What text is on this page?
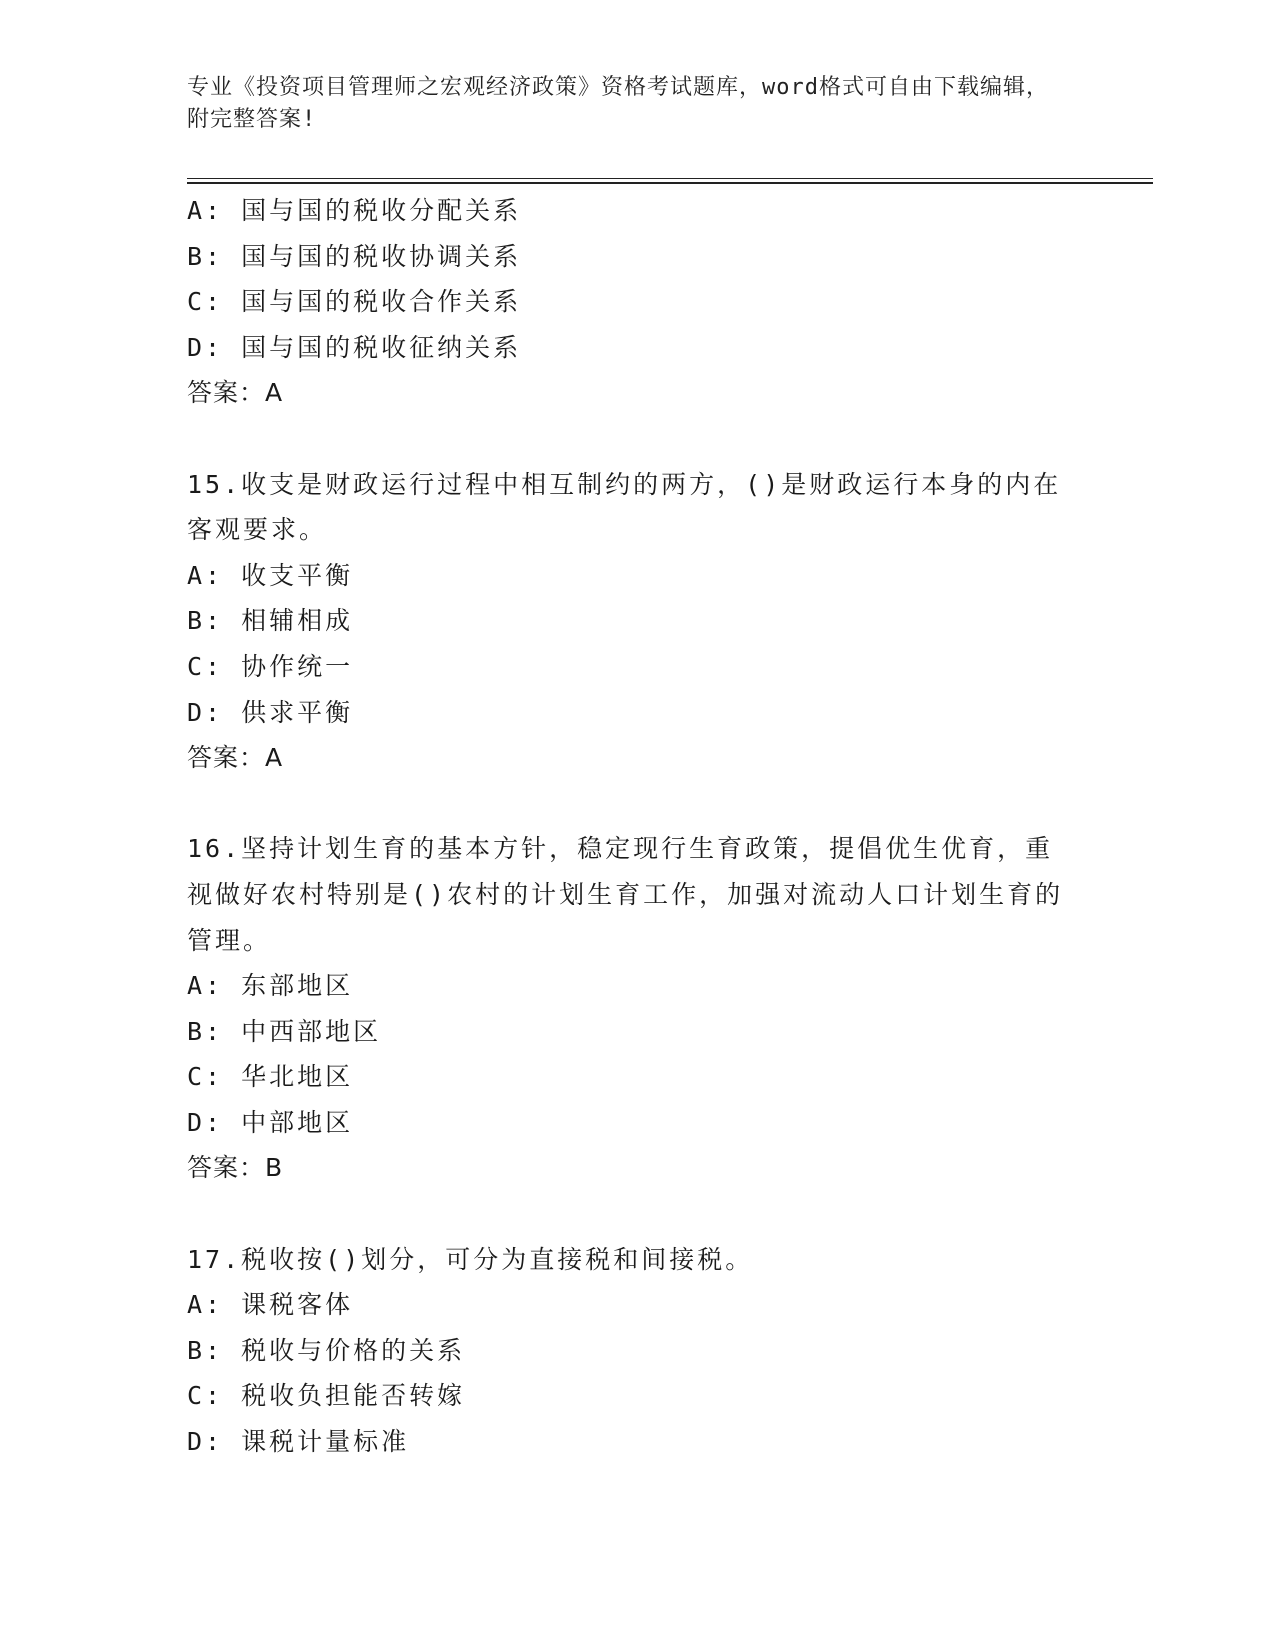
专业《投资项目管理师之宏观经济政策》资格考试题库，word格式可自由下载编辑，附完整答案!
A: 国与国的税收分配关系
B: 国与国的税收协调关系
C: 国与国的税收合作关系
D: 国与国的税收征纳关系
答案：A
15.收支是财政运行过程中相互制约的两方，()是财政运行本身的内在客观要求。
A: 收支平衡
B: 相辅相成
C: 协作统一
D: 供求平衡
答案：A
16.坚持计划生育的基本方针，稳定现行生育政策，提倡优生优育，重视做好农村特别是()农村的计划生育工作，加强对流动人口计划生育的管理。
A: 东部地区
B: 中西部地区
C: 华北地区
D: 中部地区
答案：B
17.税收按()划分，可分为直接税和间接税。
A: 课税客体
B: 税收与价格的关系
C: 税收负担能否转嫁
D: 课税计量标准
